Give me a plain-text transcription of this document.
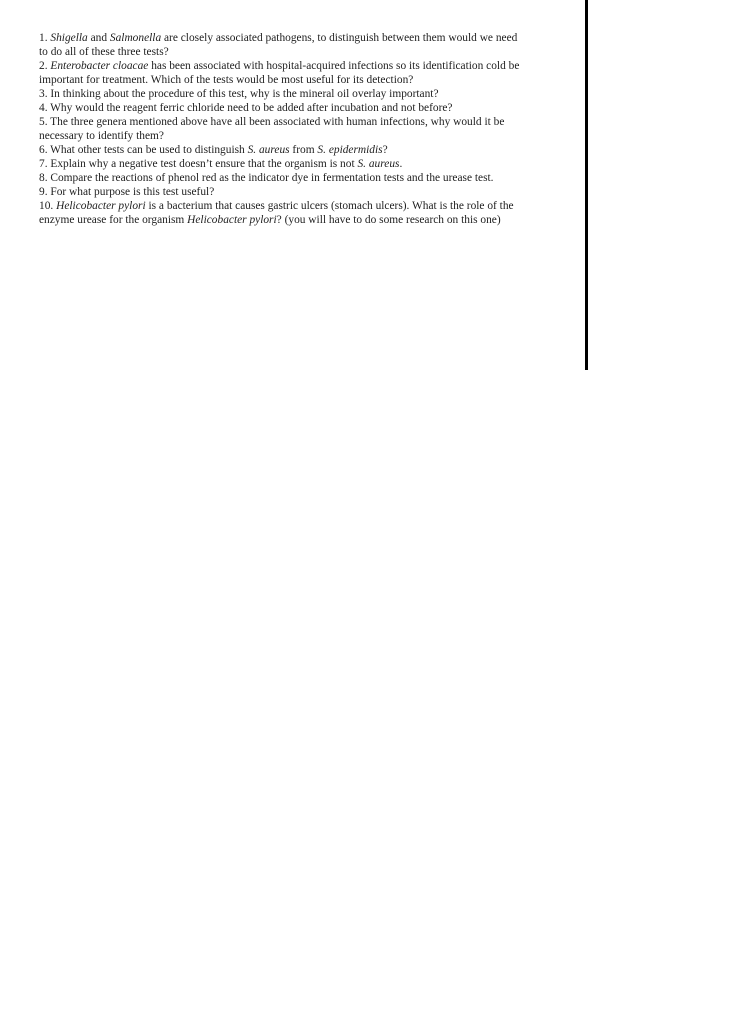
1. Shigella and Salmonella are closely associated pathogens, to distinguish between them would we need to do all of these three tests?

2. Enterobacter cloacae has been associated with hospital-acquired infections so its identification cold be important for treatment. Which of the tests would be most useful for its detection?

3. In thinking about the procedure of this test, why is the mineral oil overlay important?

4. Why would the reagent ferric chloride need to be added after incubation and not before?

5. The three genera mentioned above have all been associated with human infections, why would it be necessary to identify them?

6. What other tests can be used to distinguish S. aureus from S. epidermidis?

7. Explain why a negative test doesn’t ensure that the organism is not S. aureus.

8. Compare the reactions of phenol red as the indicator dye in fermentation tests and the urease test.

9. For what purpose is this test useful?

10. Helicobacter pylori is a bacterium that causes gastric ulcers (stomach ulcers). What is the role of the enzyme urease for the organism Helicobacter pylori? (you will have to do some research on this one)
